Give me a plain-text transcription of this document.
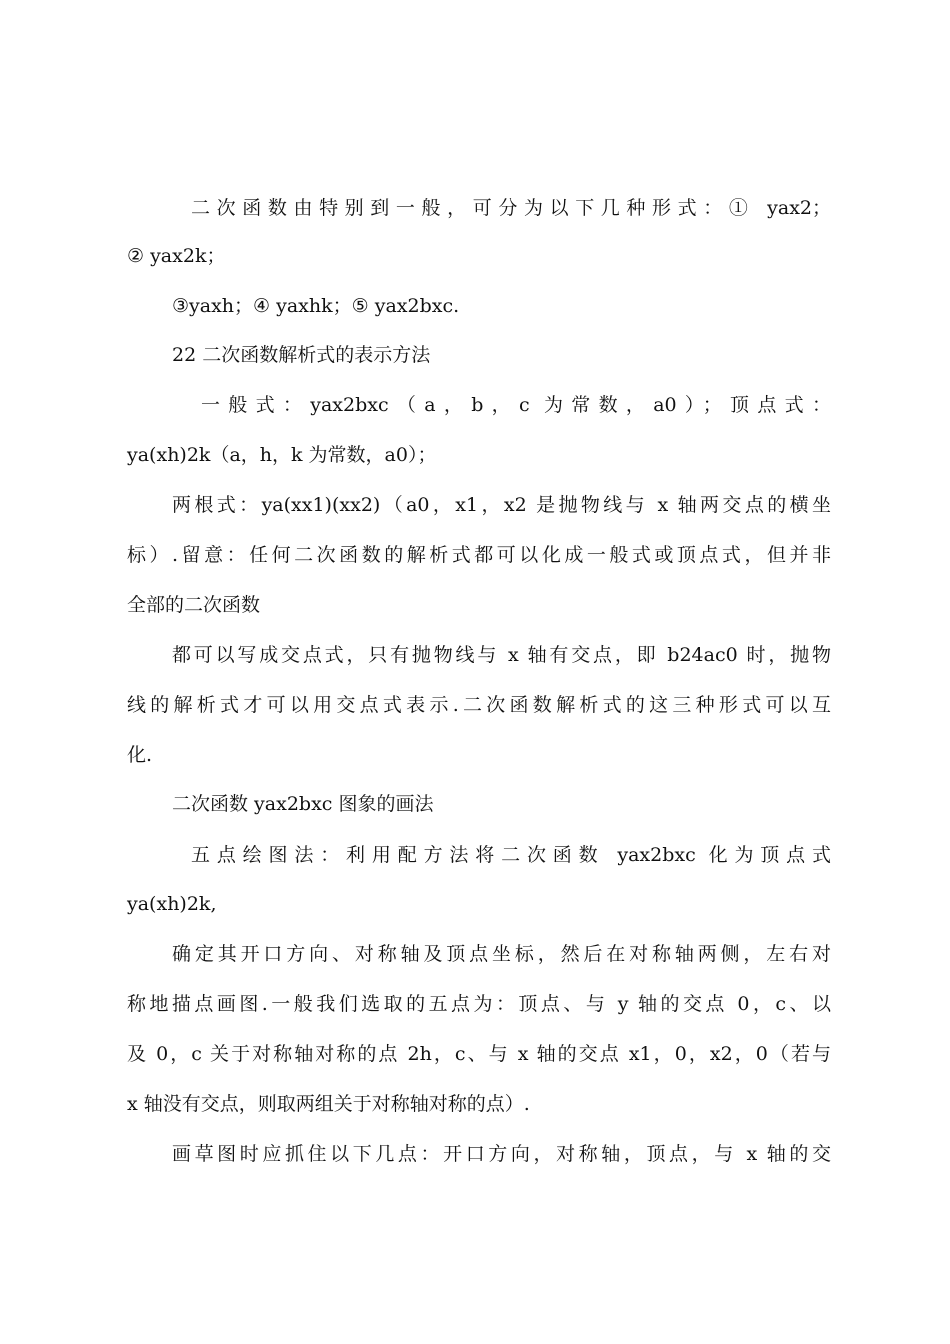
二次函数由特别到一般，可分为以下几种形式：① yax2；
② yax2k；
③yaxh；④ yaxhk；⑤ yax2bxc.
22 二次函数解析式的表示方法
一般式：yax2bxc（a，b，c 为常数，a0）；顶点式：
ya(xh)2k（a，h，k 为常数，a0）；
两根式：ya(xx1)(xx2)（a0，x1，x2 是抛物线与 x 轴两交点的横坐
标）.留意：任何二次函数的解析式都可以化成一般式或顶点式，但并非
全部的二次函数
都可以写成交点式，只有抛物线与 x 轴有交点，即 b24ac0 时，抛物
线的解析式才可以用交点式表示.二次函数解析式的这三种形式可以互
化.
二次函数 yax2bxc 图象的画法
五点绘图法：利用配方法将二次函数 yax2bxc 化为顶点式
ya(xh)2k,
确定其开口方向、对称轴及顶点坐标，然后在对称轴两侧，左右对
称地描点画图.一般我们选取的五点为：顶点、与 y 轴的交点 0，c、以
及 0，c 关于对称轴对称的点 2h，c、与 x 轴的交点 x1，0，x2，0（若与
x 轴没有交点，则取两组关于对称轴对称的点）.
画草图时应抓住以下几点：开口方向，对称轴，顶点，与 x 轴的交
